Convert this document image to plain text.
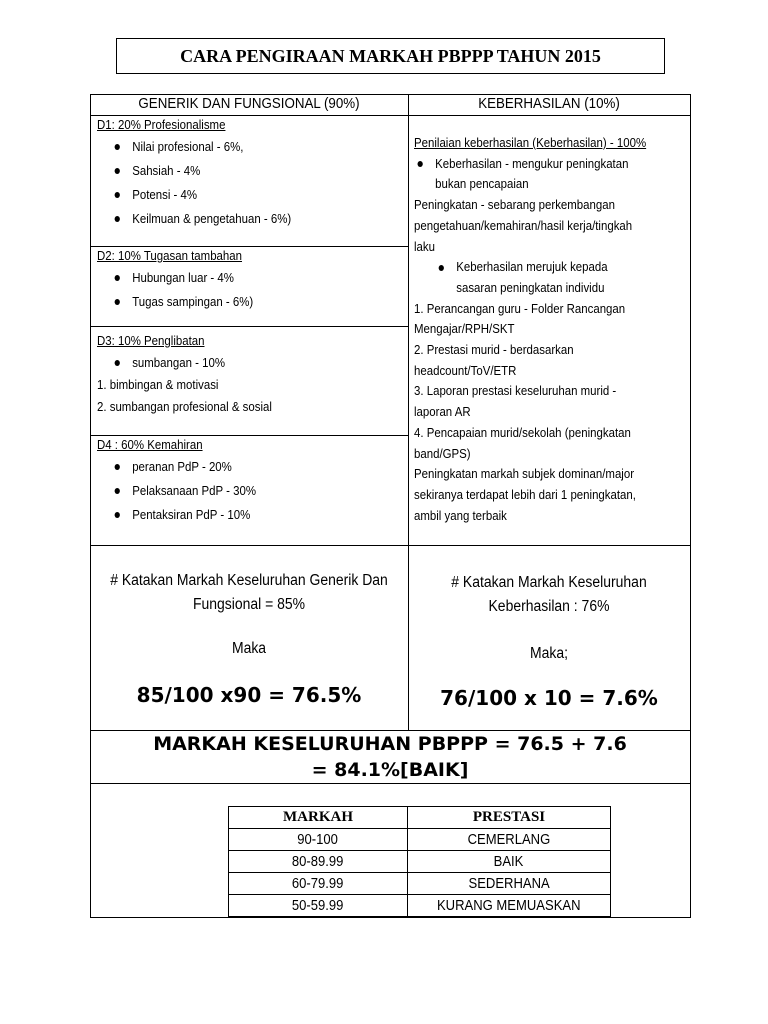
CARA PENGIRAAN MARKAH PBPPP TAHUN 2015
GENERIK DAN FUNGSIONAL (90%)	KEBERHASILAN (10%)
D1: 20% Profesionalisme
Nilai profesional - 6%,
Sahsiah - 4%
Potensi - 4%
Keilmuan & pengetahuan - 6%)
D2: 10% Tugasan tambahan
Hubungan luar - 4%
Tugas sampingan - 6%)
D3: 10% Penglibatan
sumbangan - 10%
1. bimbingan & motivasi
2. sumbangan profesional & sosial
D4 : 60% Kemahiran
peranan PdP - 20%
Pelaksanaan PdP - 30%
Pentaksiran PdP - 10%
Penilaian keberhasilan (Keberhasilan) - 100%
Keberhasilan - mengukur peningkatan
bukan pencapaian
Peningkatan - sebarang perkembangan
pengetahuan/kemahiran/hasil kerja/tingkah
laku
Keberhasilan merujuk kepada
sasaran peningkatan individu
1. Perancangan guru - Folder Rancangan
Mengajar/RPH/SKT
2. Prestasi murid - berdasarkan
headcount/ToV/ETR
3. Laporan prestasi keseluruhan murid -
laporan AR
4. Pencapaian murid/sekolah (peningkatan
band/GPS)
Peningkatan markah subjek dominan/major
sekiranya terdapat lebih dari 1 peningkatan,
ambil yang terbaik
# Katakan Markah Keseluruhan Generik Dan
Fungsional = 85%
Maka
85/100 x90 = 76.5%
# Katakan Markah Keseluruhan
Keberhasilan : 76%
Maka;
76/100 x 10 = 7.6%
MARKAH KESELURUHAN PBPPP = 76.5 + 7.6
= 84.1%[BAIK]
MARKAH	PRESTASI
90-100	CEMERLANG
80-89.99	BAIK
60-79.99	SEDERHANA
50-59.99	KURANG MEMUASKAN
